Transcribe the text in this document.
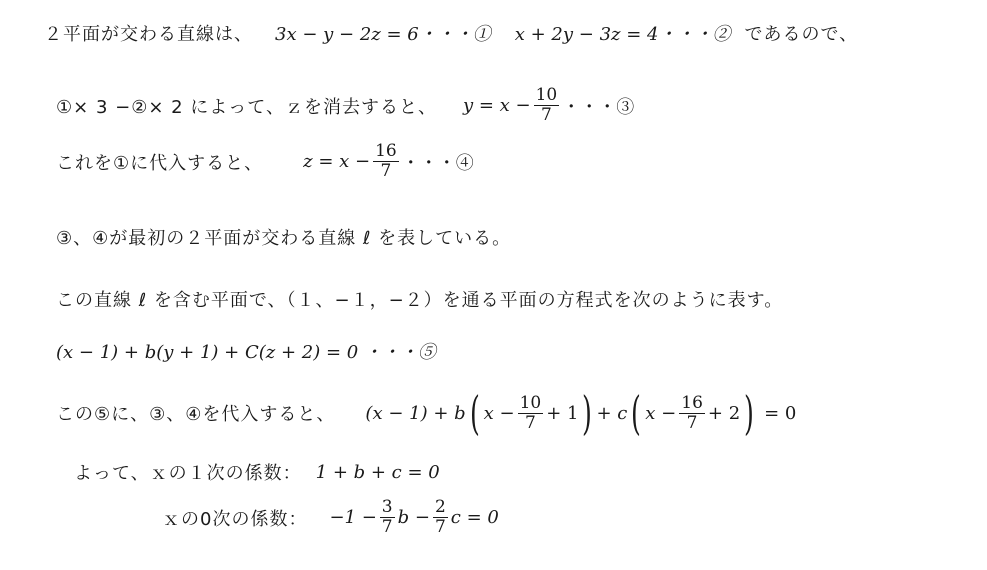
２平面が交わる直線は、 3x − y − 2z = 6・・・① x + 2y − 3z = 4・・・② であるので、
①× 3 −②× 2 によって、ｚを消去すると、 $y = x - \frac{10}{7}$ ・・・③
これを①に代入すると、 $z = x - \frac{16}{7}$ ・・・④
③、④が最初の２平面が交わる直線 ℓ を表している。
この直線 ℓ を含む平面で、（１、−１，−２）を通る平面の方程式を次のように表す。
(x − 1) + b(y + 1) + C(z + 2) = 0 ・・・⑤
この⑤に、③、④を代入すると、 (x − 1) + b ( $x - \frac{10}{7} + 1$ ) + c ( $x - \frac{16}{7} + 2$ ) = 0
よって、ｘの１次の係数： 1 + b + c = 0
ｘの0次の係数： $-1 - \frac{3}{7}$ $b - \frac{2}{7}$ c = 0
